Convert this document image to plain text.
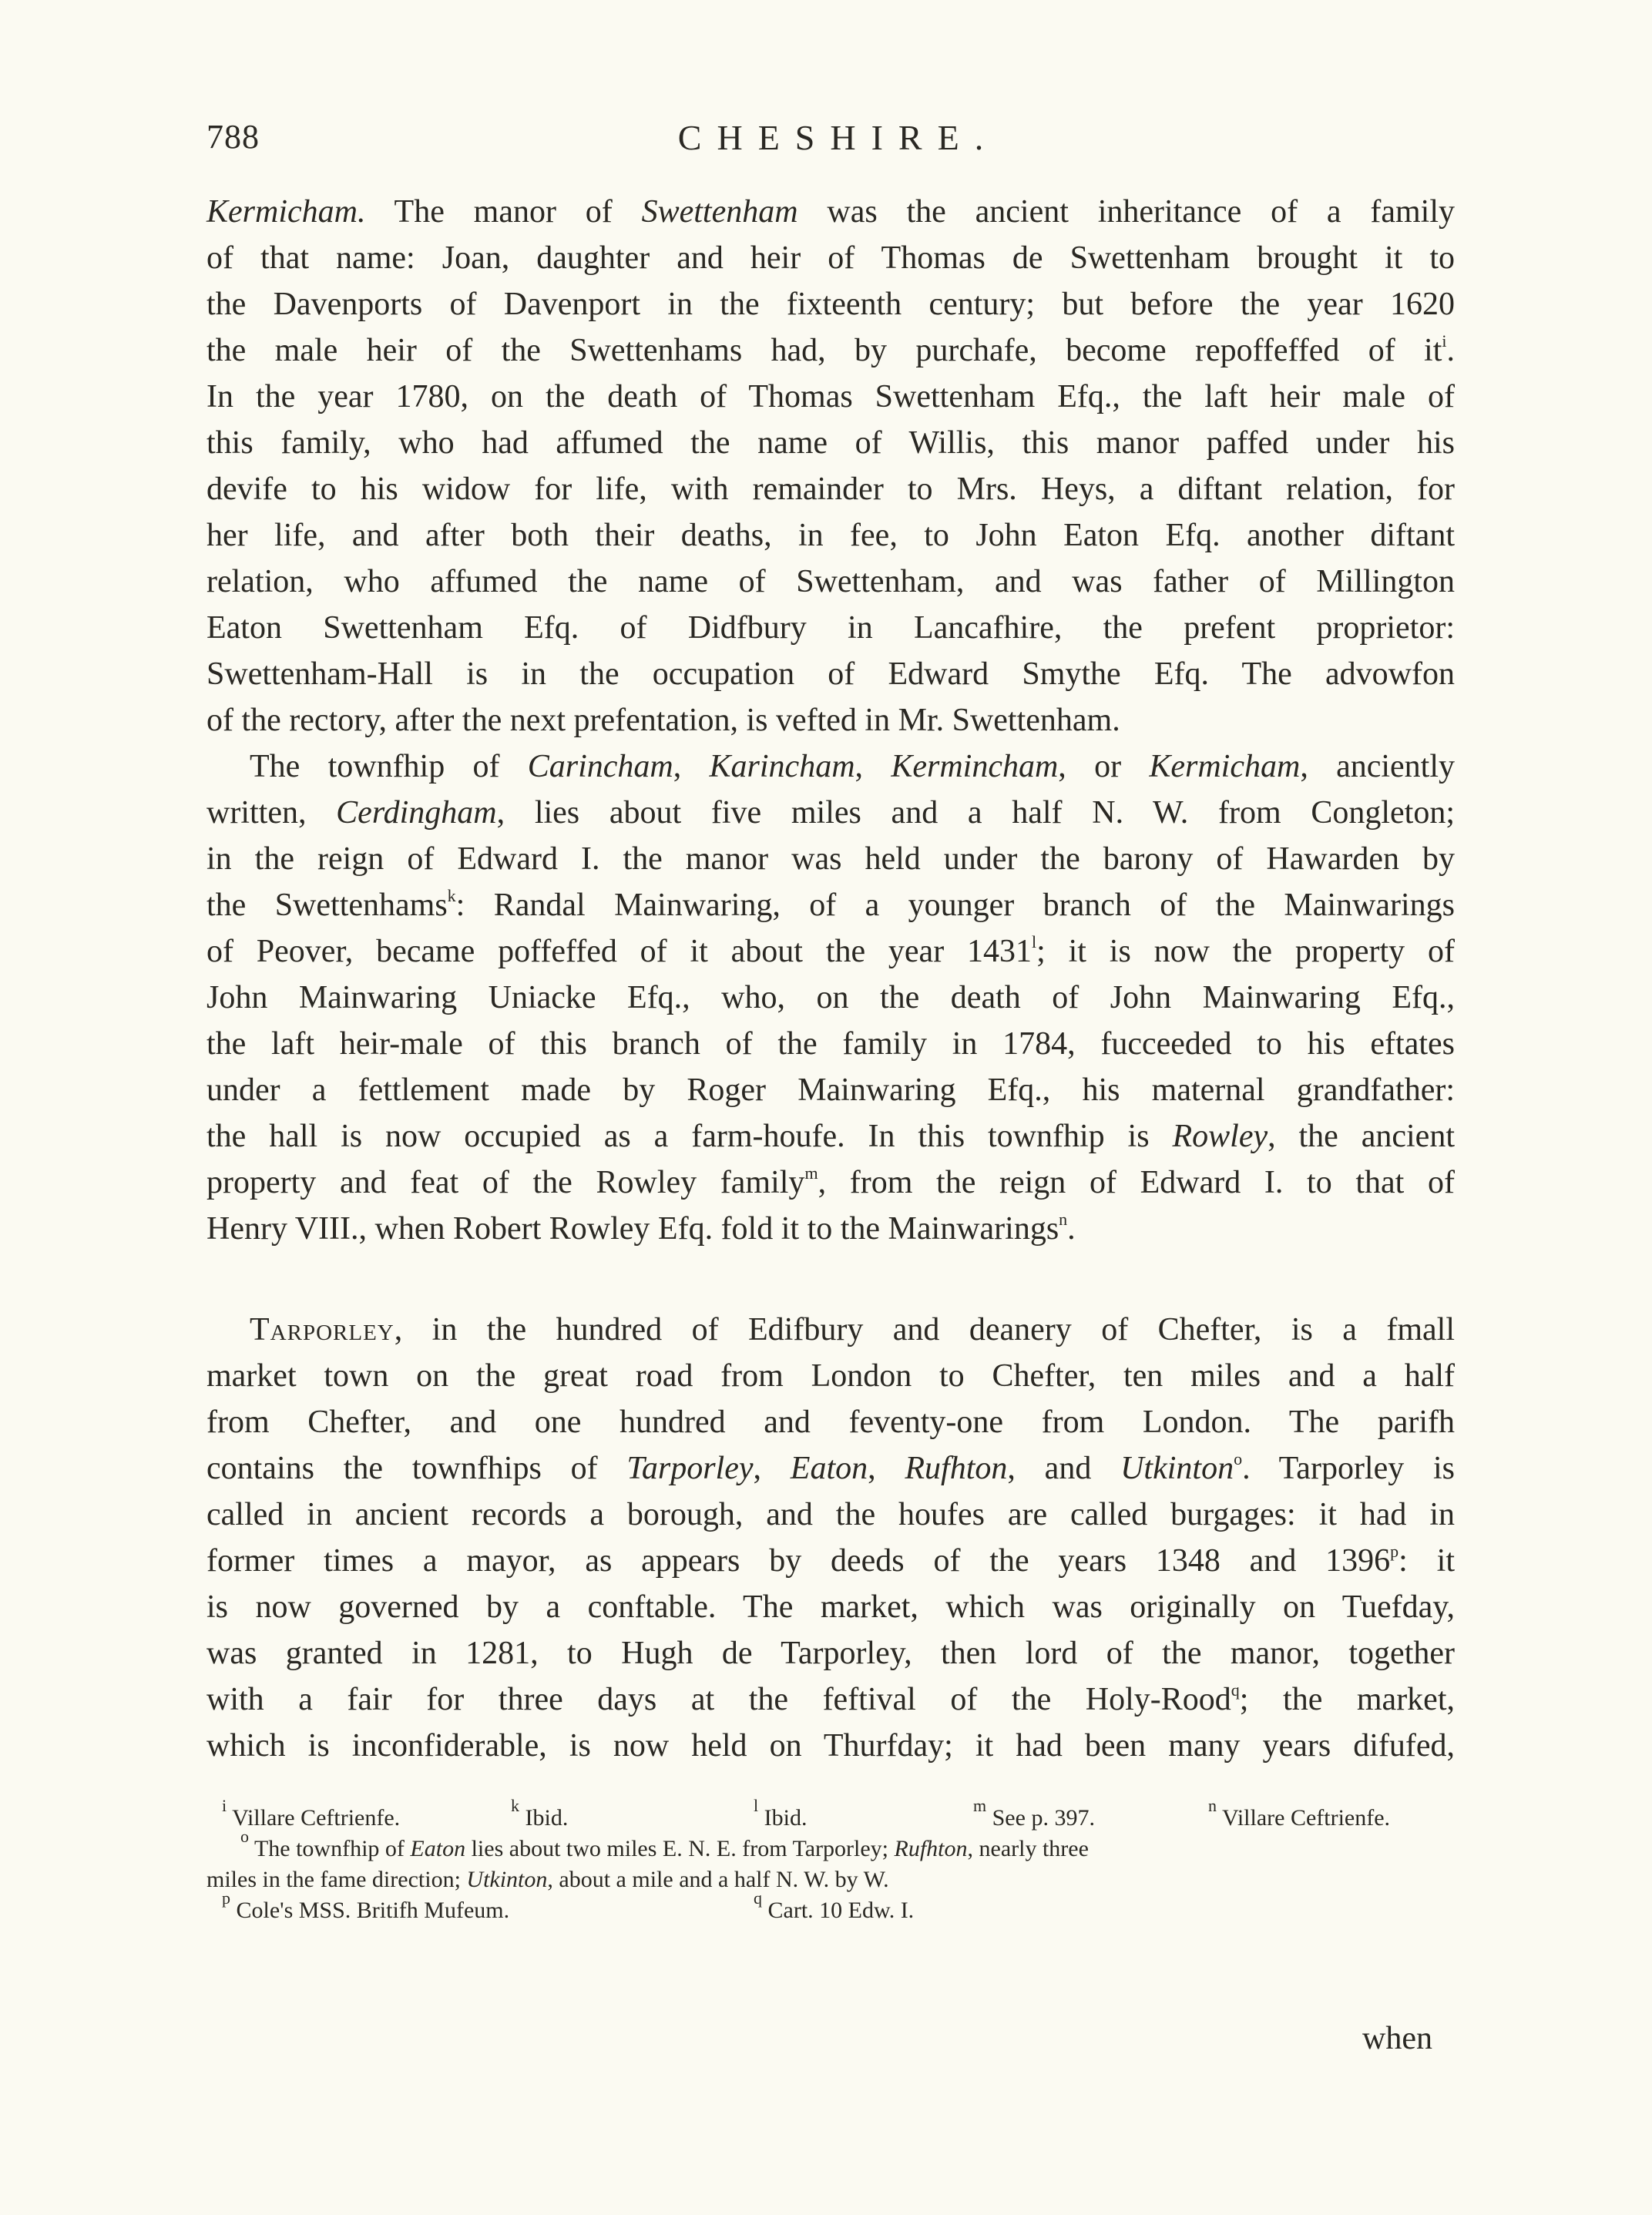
788	CHESHIRE.
Kermicham. The manor of Swettenham was the ancient inheritance of a family
of that name: Joan, daughter and heir of Thomas de Swettenham brought it to
the Davenports of Davenport in the fixteenth century; but before the year 1620
the male heir of the Swettenhams had, by purchafe, become repoffeffed of $it^i$.
In the year 1780, on the death of Thomas Swettenham Efq., the laft heir male of
this family, who had affumed the name of Willis, this manor paffed under his
devife to his widow for life, with remainder to Mrs. Heys, a diftant relation, for
her life, and after both their deaths, in fee, to John Eaton Efq. another diftant
relation, who affumed the name of Swettenham, and was father of Millington
Eaton Swettenham Efq. of Didfbury in Lancafhire, the prefent proprietor:
Swettenham-Hall is in the occupation of Edward Smythe Efq. The advowfon
of the rectory, after the next prefentation, is vefted in Mr. Swettenham.
The townfhip of Carincham, Karincham, Kermincham, or Kermicham, anciently
written, Cerdingham, lies about five miles and a half N. W. from Congleton;
in the reign of Edward I. the manor was held under the barony of Hawarden by
the Swettenhams$^k$: Randal Mainwaring, of a younger branch of the Mainwarings
of Peover, became poffeffed of it about the year 1431$^l$; it is now the property of
John Mainwaring Uniacke Efq., who, on the death of John Mainwaring Efq.,
the laft heir-male of this branch of the family in 1784, fucceeded to his eftates
under a fettlement made by Roger Mainwaring Efq., his maternal grandfather:
the hall is now occupied as a farm-houfe. In this townfhip is Rowley, the ancient
property and feat of the Rowley family$^m$, from the reign of Edward I. to that of
Henry VIII., when Robert Rowley Efq. fold it to the Mainwarings$^n$.
Tarporley, in the hundred of Edifbury and deanery of Chefter, is a fmall
market town on the great road from London to Chefter, ten miles and a half
from Chefter, and one hundred and feventy-one from London. The parifh
contains the townfhips of Tarporley, Eaton, Rufhton, and Utkinton$^o$. Tarporley is
called in ancient records a borough, and the houfes are called burgages: it had in
former times a mayor, as appears by deeds of the years 1348 and 1396$^p$: it
is now governed by a conftable. The market, which was originally on Tuefday,
was granted in 1281, to Hugh de Tarporley, then lord of the manor, together
with a fair for three days at the feftival of the Holy-Rood$^q$; the market,
which is inconfiderable, is now held on Thurfday; it had been many years difufed,
$^i$ Villare Ceftrienfe.	$^k$ Ibid.	$^l$ Ibid.	$^m$ See p. 397.	$^n$ Villare Ceftrienfe.
$^o$ The townfhip of Eaton lies about two miles E. N. E. from Tarporley; Rufhton, nearly three
miles in the fame direction; Utkinton, about a mile and a half N. W. by W.
$^p$ Cole's MSS. Britifh Mufeum.	$^q$ Cart. 10 Edw. I.
when
